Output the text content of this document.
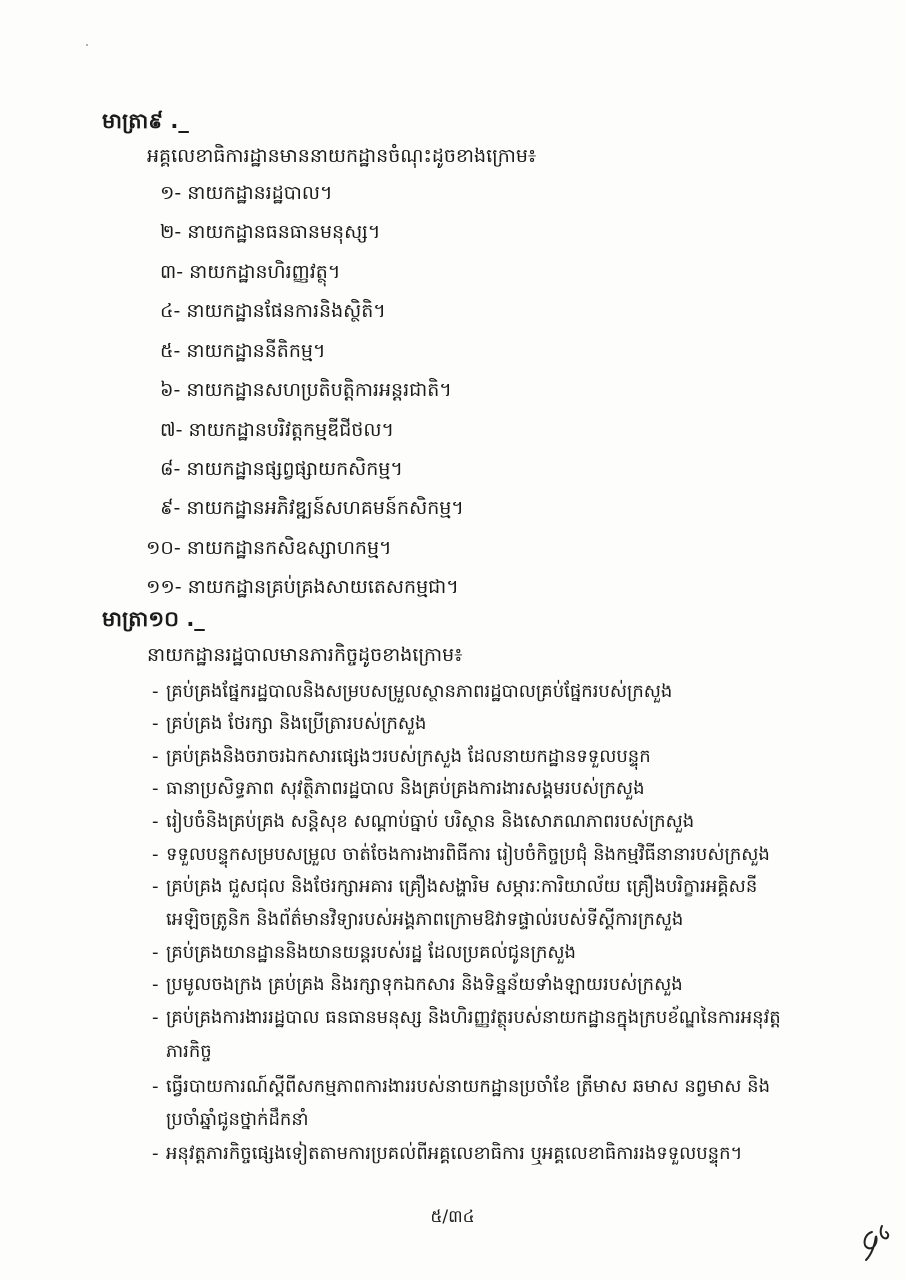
មាត្រា៩ ._
អគ្គលេខាធិការដ្ឋានមាននាយកដ្ឋានចំណុះដូចខាងក្រោម៖
១- នាយកដ្ឋានរដ្ឋបាល។
២- នាយកដ្ឋានធនធានមនុស្ស។
៣- នាយកដ្ឋានហិរញ្ញវត្ថុ។
៤- នាយកដ្ឋានផែនការនិងស្ថិតិ។
៥- នាយកដ្ឋាននីតិកម្ម។
៦- នាយកដ្ឋានសហប្រតិបត្តិការអន្តរជាតិ។
៧- នាយកដ្ឋានបរិវត្តកម្មឌីជីថល។
៨- នាយកដ្ឋានផ្សព្វផ្សាយកសិកម្ម។
៩- នាយកដ្ឋានអភិវឌ្ឍន៍សហគមន៍កសិកម្ម។
១០- នាយកដ្ឋានកសិឧស្សាហកម្ម។
១១- នាយកដ្ឋានគ្រប់គ្រងសាយតេសកម្មជា។
មាត្រា១០ ._
នាយកដ្ឋានរដ្ឋបាលមានភារកិច្ចដូចខាងក្រោម៖
- គ្រប់គ្រងផ្នែករដ្ឋបាលនិងសម្របសម្រួលស្ថានភាពរដ្ឋបាលគ្រប់ផ្នែករបស់ក្រសួង
- គ្រប់គ្រង ថែរក្សា និងប្រើត្រារបស់ក្រសួង
- គ្រប់គ្រងនិងចរាចរឯកសារផ្សេងៗរបស់ក្រសួង ដែលនាយកដ្ឋានទទួលបន្ទុក
- ធានាប្រសិទ្ធភាព សុវត្ថិភាពរដ្ឋបាល និងគ្រប់គ្រងការងារសង្គមរបស់ក្រសួង
- រៀបចំនិងគ្រប់គ្រង សន្តិសុខ សណ្ដាប់ធ្នាប់ បរិស្ថាន និងសោភណភាពរបស់ក្រសួង
- ទទួលបន្ទុកសម្របសម្រួល ចាត់ចែងការងារពិធីការ រៀបចំកិច្ចប្រជុំ និងកម្មវិធីនានារបស់ក្រសួង
- គ្រប់គ្រង ជួសជុល និងថែរក្សាអគារ គ្រឿងសង្ហារិម សម្ភារៈការិយាល័យ គ្រឿងបរិក្ខារអគ្គិសនី
អេឡិចត្រូនិក និងព័ត៌មានវិទ្យារបស់អង្គភាពក្រោមឱវាទផ្ទាល់របស់ទីស្តីការក្រសួង
- គ្រប់គ្រងយានដ្ឋាននិងយានយន្តរបស់រដ្ឋ ដែលប្រគល់ជូនក្រសួង
- ប្រមូលចងក្រង គ្រប់គ្រង និងរក្សាទុកឯកសារ និងទិន្នន័យទាំងឡាយរបស់ក្រសួង
- គ្រប់គ្រងការងាររដ្ឋបាល ធនធានមនុស្ស និងហិរញ្ញវត្ថុរបស់នាយកដ្ឋានក្នុងក្របខ័ណ្ឌនៃការអនុវត្ត
ភារកិច្ច
- ធ្វើរបាយការណ៍ស្តីពីសកម្មភាពការងាររបស់នាយកដ្ឋានប្រចាំខែ ត្រីមាស ឆមាស នព្វមាស និង
ប្រចាំឆ្នាំជូនថ្នាក់ដឹកនាំ
- អនុវត្តភារកិច្ចផ្សេងទៀតតាមការប្រគល់ពីអគ្គលេខាធិការ ឬអគ្គលេខាធិការរងទទួលបន្ទុក។
៥/៣៤
